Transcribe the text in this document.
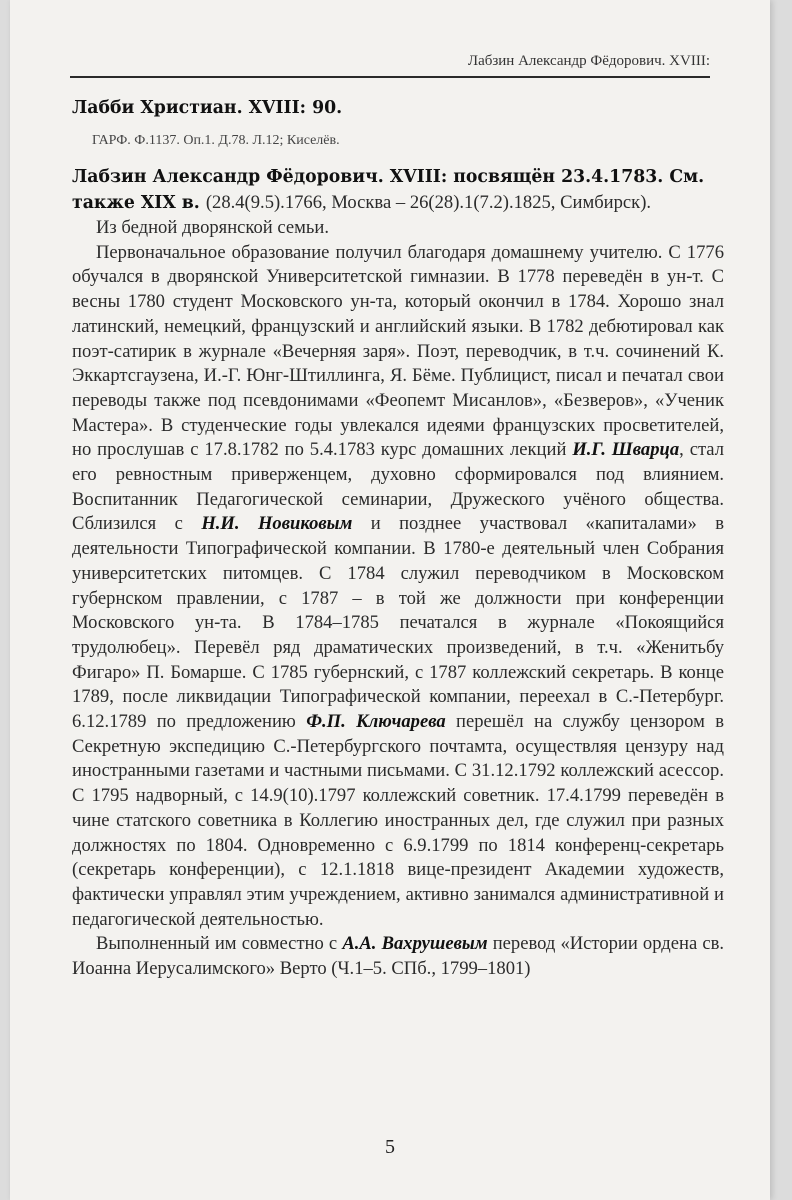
Лабзин Александр Фёдорович. XVIII:
Лабби Христиан. XVIII: 90.
ГАРФ. Ф.1137. Оп.1. Д.78. Л.12; Киселёв.
Лабзин Александр Фёдорович. XVIII: посвящён 23.4.1783. См. также XIX в. (28.4(9.5).1766, Москва – 26(28).1(7.2).1825, Симбирск).
Из бедной дворянской семьи.
Первоначальное образование получил благодаря домашнему учителю. С 1776 обучался в дворянской Университетской гимназии. В 1778 переведён в ун-т. С весны 1780 студент Московского ун-та, который окончил в 1784. Хорошо знал латинский, немецкий, французский и английский языки. В 1782 дебютировал как поэт-сатирик в журнале «Вечерняя заря». Поэт, переводчик, в т.ч. сочинений К. Эккартсгаузена, И.-Г. Юнг-Штиллинга, Я. Бёме. Публицист, писал и печатал свои переводы также под псевдонимами «Феопемт Мисанлов», «Безверов», «Ученик Мастера». В студенческие годы увлекался идеями французских просветителей, но прослушав с 17.8.1782 по 5.4.1783 курс домашних лекций И.Г. Шварца, стал его ревностным приверженцем, духовно сформировался под влиянием. Воспитанник Педагогической семинарии, Дружеского учёного общества. Сблизился с Н.И. Новиковым и позднее участвовал «капиталами» в деятельности Типографической компании. В 1780-е деятельный член Собрания университетских питомцев. С 1784 служил переводчиком в Московском губернском правлении, с 1787 – в той же должности при конференции Московского ун-та. В 1784–1785 печатался в журнале «Покоящийся трудолюбец». Перевёл ряд драматических произведений, в т.ч. «Женитьбу Фигаро» П. Бомарше. С 1785 губернский, с 1787 коллежский секретарь. В конце 1789, после ликвидации Типографической компании, переехал в С.-Петербург. 6.12.1789 по предложению Ф.П. Ключарева перешёл на службу цензором в Секретную экспедицию С.-Петербургского почтамта, осуществляя цензуру над иностранными газетами и частными письмами. С 31.12.1792 коллежский асессор. С 1795 надворный, с 14.9(10).1797 коллежский советник. 17.4.1799 переведён в чине статского советника в Коллегию иностранных дел, где служил при разных должностях по 1804. Одновременно с 6.9.1799 по 1814 конференц-секретарь (секретарь конференции), с 12.1.1818 вице-президент Академии художеств, фактически управлял этим учреждением, активно занимался административной и педагогической деятельностью.
Выполненный им совместно с А.А. Вахрушевым перевод «Истории ордена св. Иоанна Иерусалимского» Верто (Ч.1–5. СПб., 1799–1801)
5
